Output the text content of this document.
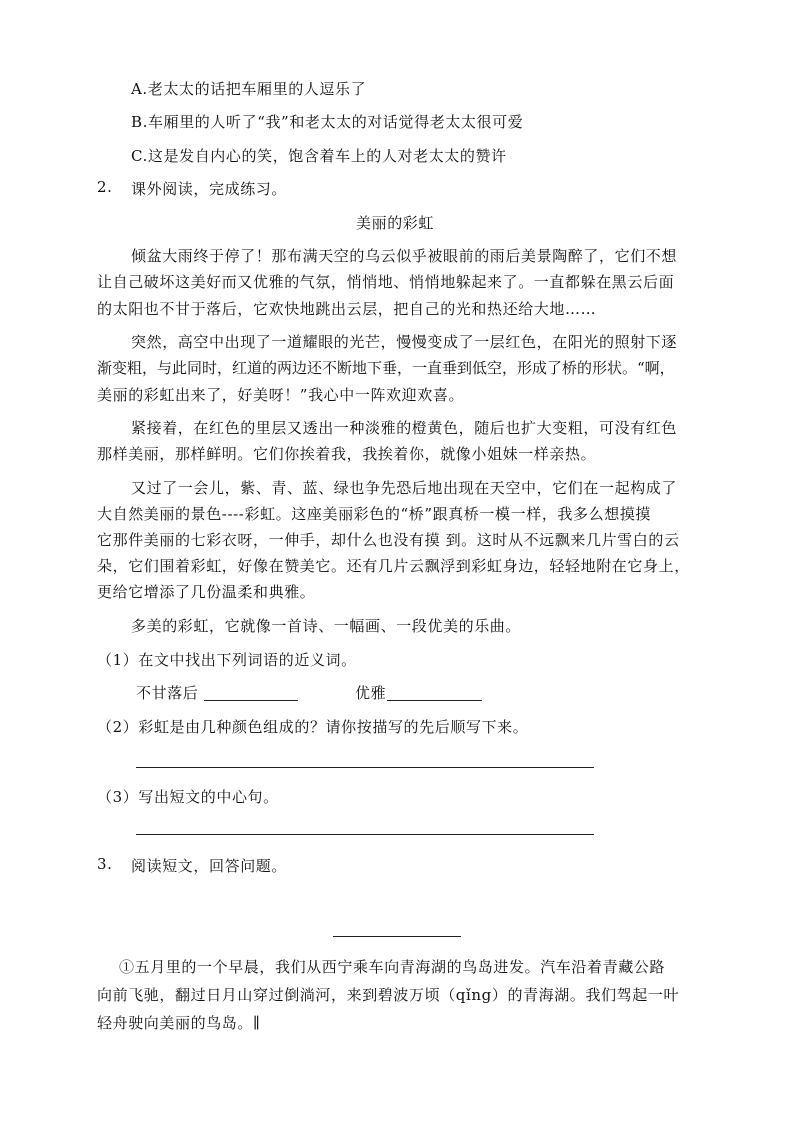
A.老太太的话把车厢里的人逗乐了
B.车厢里的人听了“我”和老太太的对话觉得老太太很可爱
C.这是发自内心的笑，饱含着车上的人对老太太的赞许
2. 课外阅读，完成练习。
美丽的彩虹
倾盆大雨终于停了！那布满天空的乌云似乎被眼前的雨后美景陶醉了，它们不想
让自己破坏这美好而又优雅的气氛，悄悄地、悄悄地躲起来了。一直都躲在黑云后面
的太阳也不甘于落后，它欢快地跳出云层，把自己的光和热还给大地……
突然，高空中出现了一道耀眼的光芒，慢慢变成了一层红色，在阳光的照射下逐
渐变粗，与此同时，红道的两边还不断地下垂，一直垂到低空，形成了桥的形状。“啊，
美丽的彩虹出来了，好美呀！”我心中一阵欢迎欢喜。
紧接着，在红色的里层又透出一种淡雅的橙黄色，随后也扩大变粗，可没有红色
那样美丽，那样鲜明。它们你挨着我，我挨着你，就像小姐妹一样亲热。
又过了一会儿，紫、青、蓝、绿也争先恐后地出现在天空中，它们在一起构成了
大自然美丽的景色----彩虹。这座美丽彩色的“桥”跟真桥一模一样，我多么想摸摸
它那件美丽的七彩衣呀，一伸手，却什么也没有摸 到。这时从不远飘来几片雪白的云
朵，它们围着彩虹，好像在赞美它。还有几片云飘浮到彩虹身边，轻轻地附在它身上，
更给它增添了几份温柔和典雅。
多美的彩虹，它就像一首诗、一幅画、一段优美的乐曲。
（1）在文中找出下列词语的近义词。
不甘落后	优雅
（2）彩虹是由几种颜色组成的？请你按描写的先后顺写下来。
（3）写出短文的中心句。
3. 阅读短文，回答问题。
①五月里的一个早晨，我们从西宁乘车向青海湖的鸟岛进发。汽车沿着青藏公路
向前飞驰，翻过日月山穿过倒淌河，来到碧波万顷（qǐng）的青海湖。我们驾起一叶
轻舟驶向美丽的鸟岛。∥
